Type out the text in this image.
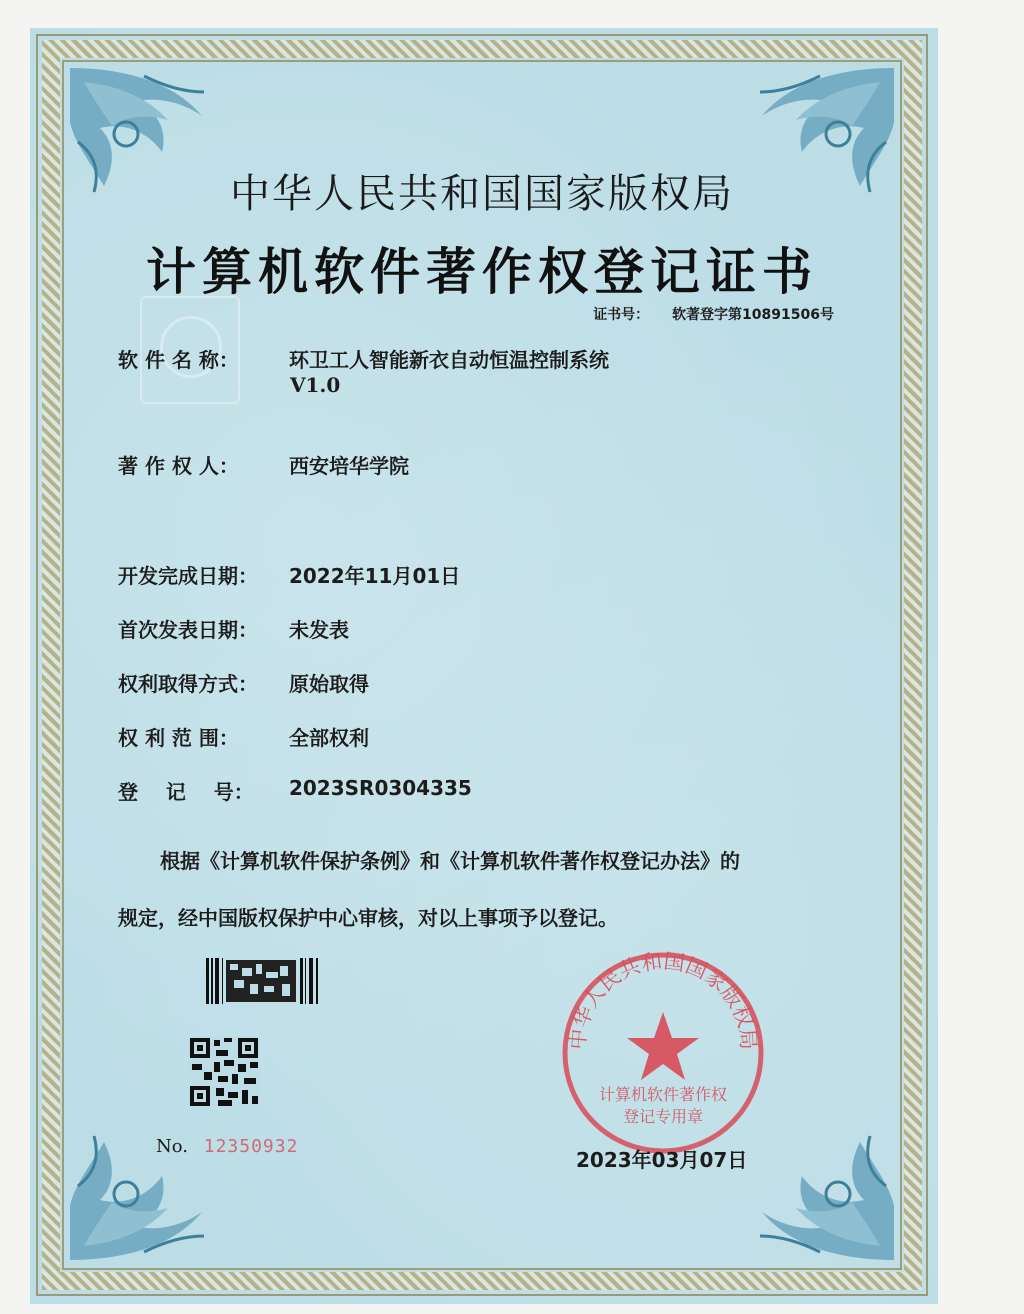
中华人民共和国国家版权局
计算机软件著作权登记证书
证书号： 软著登字第10891506号
软 件 名 称：	环卫工人智能新衣自动恒温控制系统
V1.0
著 作 权 人：	西安培华学院
开发完成日期： 2022年11月01日
首次发表日期： 未发表
权利取得方式： 原始取得
权 利 范 围：	全部权利
登    记    号： 2023SR0304335
根据《计算机软件保护条例》和《计算机软件著作权登记办法》的
规定，经中国版权保护中心审核，对以上事项予以登记。
No. 12350932
中华人民共和国国家版权局
计算机软件著作权
登记专用章
2023年03月07日
